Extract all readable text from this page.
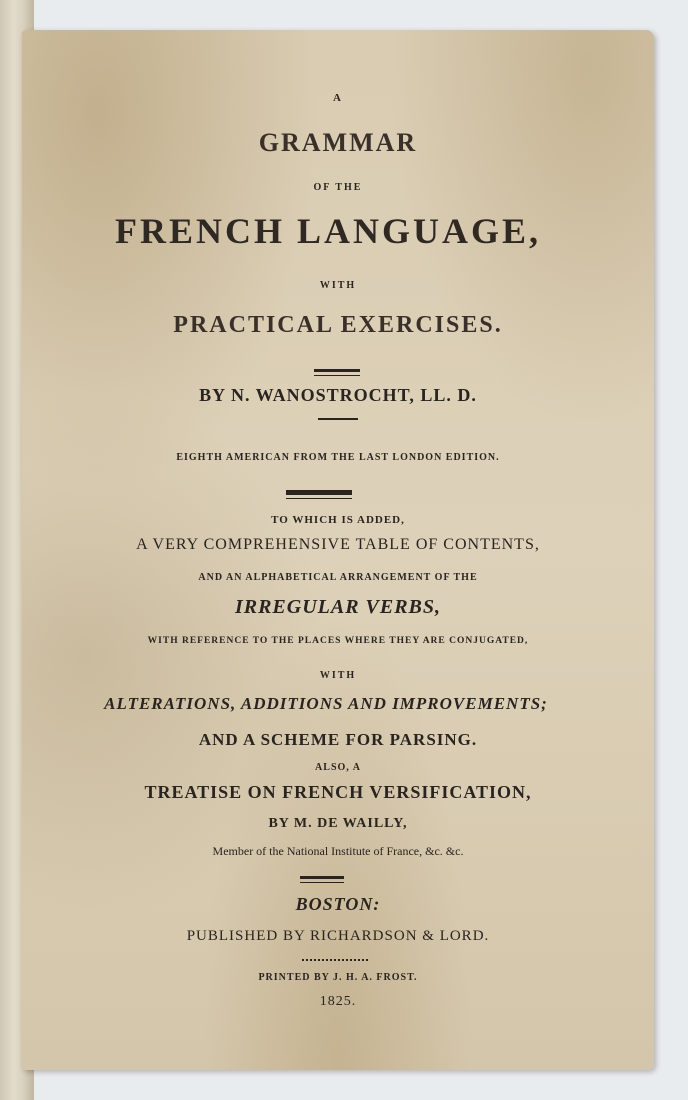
A
GRAMMAR
OF THE
FRENCH LANGUAGE,
WITH
PRACTICAL EXERCISES.
BY N. WANOSTROCHT, LL. D.
EIGHTH AMERICAN FROM THE LAST LONDON EDITION.
TO WHICH IS ADDED,
A VERY COMPREHENSIVE TABLE OF CONTENTS,
AND AN ALPHABETICAL ARRANGEMENT OF THE
IRREGULAR VERBS,
WITH REFERENCE TO THE PLACES WHERE THEY ARE CONJUGATED,
WITH
ALTERATIONS, ADDITIONS AND IMPROVEMENTS;
AND A SCHEME FOR PARSING.
ALSO, A
TREATISE ON FRENCH VERSIFICATION,
BY M. DE WAILLY,
Member of the National Institute of France, &c. &c.
BOSTON:
PUBLISHED BY RICHARDSON & LORD.
PRINTED BY J. H. A. FROST.
1825.
